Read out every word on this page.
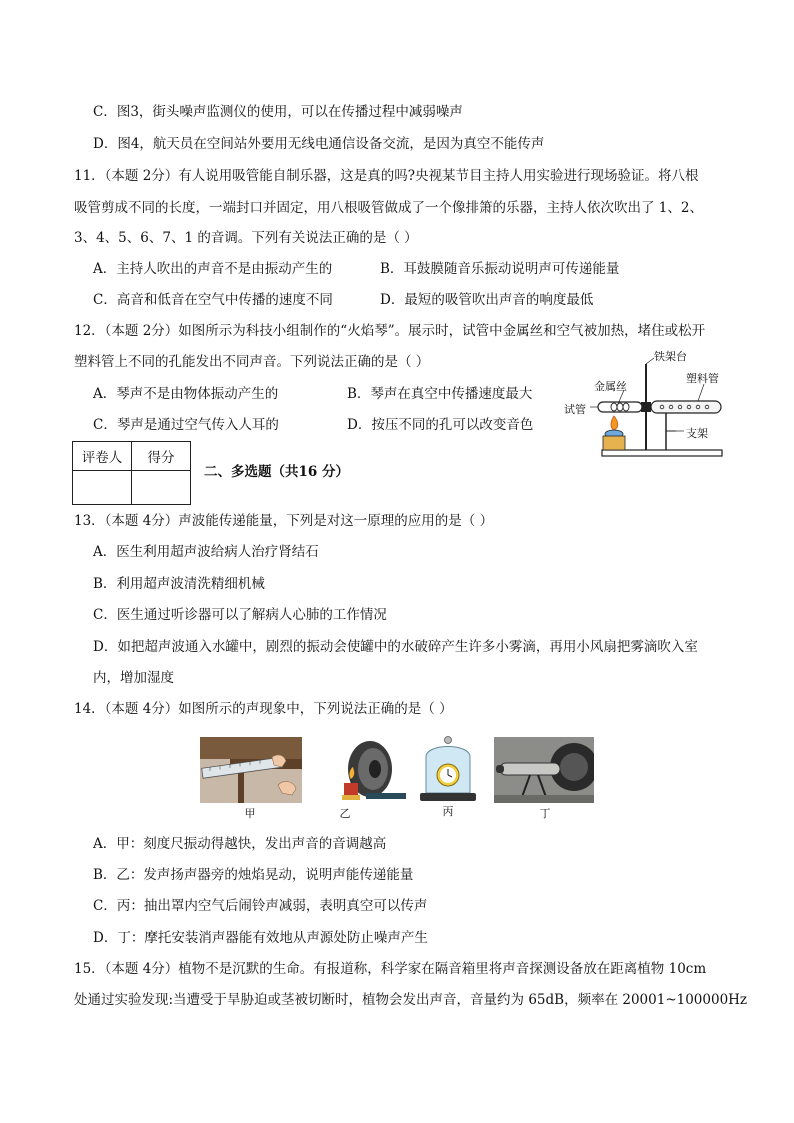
C．图3，街头噪声监测仪的使用，可以在传播过程中减弱噪声
D．图4，航天员在空间站外要用无线电通信设备交流，是因为真空不能传声
11．（本题 2分）有人说用吸管能自制乐器，这是真的吗?央视某节目主持人用实验进行现场验证。将八根
吸管剪成不同的长度，一端封口并固定，用八根吸管做成了一个像排箫的乐器，主持人依次吹出了 1、2、
3、4、5、6、7、1 的音调。下列有关说法正确的是（ ）
A．主持人吹出的声音不是由振动产生的	B．耳鼓膜随音乐振动说明声可传递能量
C．高音和低音在空气中传播的速度不同	D．最短的吸管吹出声音的响度最低
12．（本题 2分）如图所示为科技小组制作的“火焰琴”。展示时，试管中金属丝和空气被加热，堵住或松开
塑料管上不同的孔能发出不同声音。下列说法正确的是（ ）
A．琴声不是由物体振动产生的	B．琴声在真空中传播速度最大
C．琴声是通过空气传入人耳的	D．按压不同的孔可以改变音色
铁架台
金属丝
塑料管
试管
支架
评卷人	得分

二、多选题（共16 分）
13．（本题 4分）声波能传递能量，下列是对这一原理的应用的是（ ）
A．医生利用超声波给病人治疗肾结石
B．利用超声波清洗精细机械
C．医生通过听诊器可以了解病人心肺的工作情况
D．如把超声波通入水罐中，剧烈的振动会使罐中的水破碎产生许多小雾滴，再用小风扇把雾滴吹入室
内，增加湿度
14．（本题 4分）如图所示的声现象中，下列说法正确的是（ ）
甲	乙	丙	丁
A．甲：刻度尺振动得越快，发出声音的音调越高
B．乙：发声扬声器旁的烛焰晃动，说明声能传递能量
C．丙：抽出罩内空气后闹铃声减弱，表明真空可以传声
D．丁：摩托安装消声器能有效地从声源处防止噪声产生
15．（本题 4分）植物不是沉默的生命。有报道称，科学家在隔音箱里将声音探测设备放在距离植物 10cm
处通过实验发现:当遭受于旱胁迫或茎被切断时，植物会发出声音，音量约为 65dB，频率在 20001~100000Hz
